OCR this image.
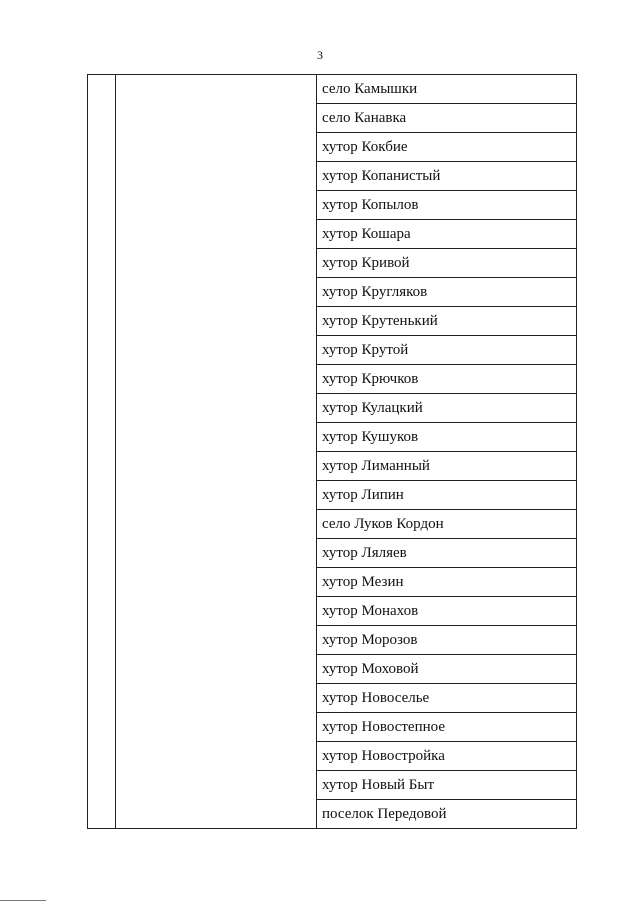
3
село Камышки
село Канавка
хутор Кокбие
хутор Копанистый
хутор Копылов
хутор Кошара
хутор Кривой
хутор Кругляков
хутор Крутенький
хутор Крутой
хутор Крючков
хутор Кулацкий
хутор Кушуков
хутор Лиманный
хутор Липин
село Луков Кордон
хутор Ляляев
хутор Мезин
хутор Монахов
хутор Морозов
хутор Моховой
хутор Новоселье
хутор Новостепное
хутор Новостройка
хутор Новый Быт
поселок Передовой
